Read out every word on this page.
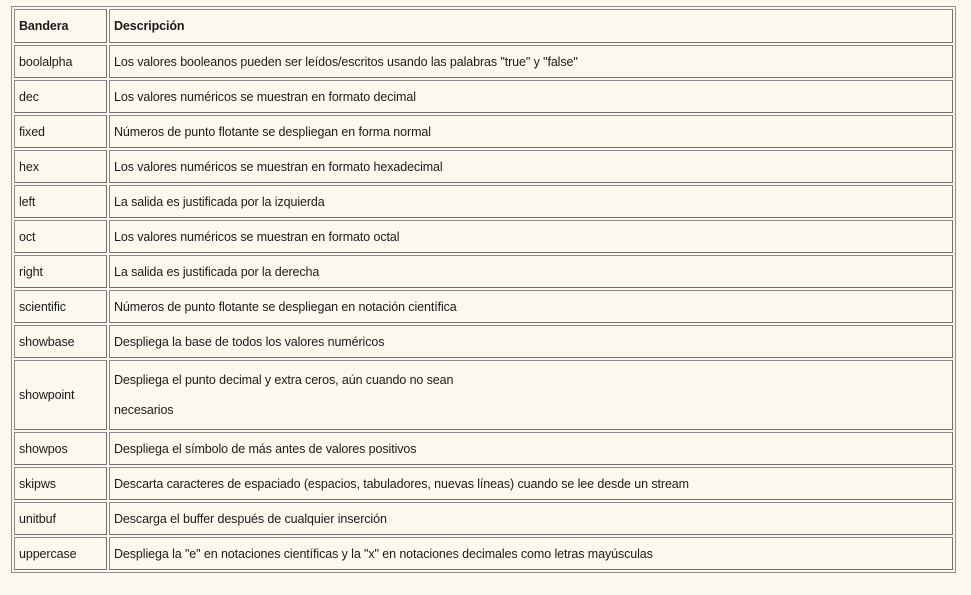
Bandera	Descripción
boolalpha	Los valores booleanos pueden ser leídos/escritos usando las palabras "true" y "false"
dec	Los valores numéricos se muestran en formato decimal
fixed	Números de punto flotante se despliegan en forma normal
hex	Los valores numéricos se muestran en formato hexadecimal
left	La salida es justificada por la izquierda
oct	Los valores numéricos se muestran en formato octal
right	La salida es justificada por la derecha
scientific	Números de punto flotante se despliegan en notación científica
showbase	Despliega la base de todos los valores numéricos
showpoint	Despliega el punto decimal y extra ceros, aún cuando no sean
necesarios

showpos	Despliega el símbolo de más antes de valores positivos
skipws	Descarta caracteres de espaciado (espacios, tabuladores, nuevas líneas) cuando se lee desde un stream
unitbuf	Descarga el buffer después de cualquier inserción
uppercase	Despliega la "e" en notaciones científicas y la "x" en notaciones decimales como letras mayúsculas
